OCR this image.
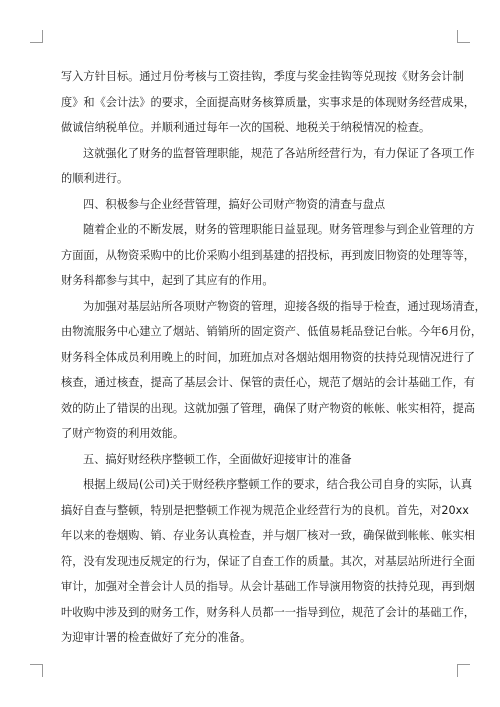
写入方针目标。通过月份考核与工资挂钩，季度与奖金挂钩等兑现按《财务会计制
度》和《会计法》的要求，全面提高财务核算质量，实事求是的体现财务经营成果，
做诚信纳税单位。并顺利通过每年一次的国税、地税关于纳税情况的检查。
这就强化了财务的监督管理职能，规范了各站所经营行为，有力保证了各项工作
的顺利进行。
四、积极参与企业经营管理，搞好公司财产物资的清查与盘点
随着企业的不断发展，财务的管理职能日益显现。财务管理参与到企业管理的方
方面面，从物资采购中的比价采购小组到基建的招投标，再到废旧物资的处理等等，
财务科都参与其中，起到了其应有的作用。
为加强对基层站所各项财产物资的管理，迎接各级的指导于检查，通过现场清查，
由物流服务中心建立了烟站、销销所的固定资产、低值易耗品登记台帐。今年6月份，
财务科全体成员利用晚上的时间，加班加点对各烟站烟用物资的扶持兑现情况进行了
核查，通过核查，提高了基层会计、保管的责任心，规范了烟站的会计基础工作，有
效的防止了错误的出现。这就加强了管理，确保了财产物资的帐帐、帐实相符，提高
了财产物资的利用效能。
五、搞好财经秩序整顿工作，全面做好迎接审计的准备
根据上级局(公司)关于财经秩序整顿工作的要求，结合我公司自身的实际，认真
搞好自查与整顿，特别是把整顿工作视为规范企业经营行为的良机。首先，对20xx
年以来的卷烟购、销、存业务认真检查，并与烟厂核对一致，确保做到帐帐、帐实相
符，没有发现违反规定的行为，保证了自查工作的质量。其次，对基层站所进行全面
审计，加强对全普会计人员的指导。从会计基础工作导演用物资的扶持兑现，再到烟
叶收购中涉及到的财务工作，财务科人员都一一指导到位，规范了会计的基础工作，
为迎审计署的检查做好了充分的准备。
